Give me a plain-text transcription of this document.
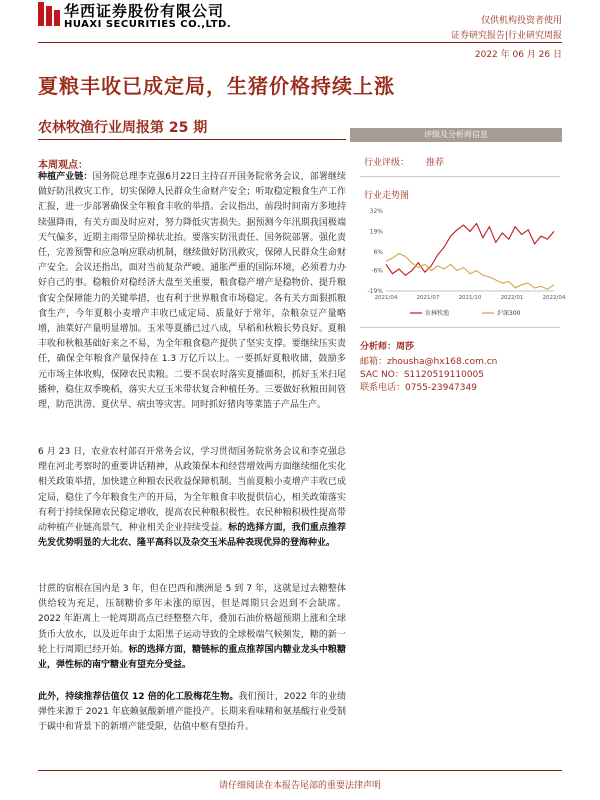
华西证券股份有限公司
HUAXI SECURITIES CO.,LTD.	仅供机构投资者使用
证券研究报告|行业研究周报
2022 年 06 月 26 日
夏粮丰收已成定局，生猪价格持续上涨
农林牧渔行业周报第 25 期
本周观点：
种植产业链：国务院总理李克强6月22日主持召开国务院常务会议，部署继续做好防汛救灾工作，切实保障人民群众生命财产安全；听取稳定粮食生产工作汇报，进一步部署确保全年粮食丰收的举措。会议指出，前段时间南方多地持续强降雨，有关方面及时应对，努力降低灾害损失。据预测今年汛期我国极端天气偏多，近期主雨带呈阶梯状北抬。要落实防汛责任、国务院部署。强化责任，完善预警和应急响应联动机制，继续做好防汛救灾，保障人民群众生命财产安全。会议还指出，面对当前复杂严峻、通胀严重的国际环境，必须着力办好自己的事。稳粮价对稳经济大盘至关重要，粮食稳产增产是稳物价、提升粮食安全保障能力的关键举措，也有利于世界粮食市场稳定。各有关方面狠抓粮食生产，今年夏粮小麦增产丰收已成定局、质量好于常年，杂粮杂豆产量略增，油菜好产量明显增加。玉米等夏播已过八成，早稻和秋粮长势良好。夏粮丰收和秋粮基础好来之不易，为全年粮食稳产提供了坚实支撑。要继续压实责任，确保全年粮食产量保持在 1.3 万亿斤以上。一要抓好夏粮收储，鼓励多元市场主体收购，保障农民卖粮。二要不误农时落实夏播面积，抓好玉米扫尾播种，稳住双季晚稻，落实大豆玉米带状复合种植任务。三要做好秋粮田间管理，防范洪涝、夏伏旱、病虫等灾害。同时抓好猪肉等菜篮子产品生产。
6 月 23 日，农业农村部召开常务会议，学习贯彻国务院常务会议和李克强总理在河北考察时的重要讲话精神，从政策保本和经营增效两方面继续细化实化相关政策举措，加快建立种粮农民收益保障机制。当前夏粮小麦增产丰收已成定局，稳住了今年粮食生产的开局，为全年粮食丰收提供信心，相关政策落实有利于持续保障农民稳定增收，提高农民种粮积极性。农民种粮积极性提高带动种植产业链高景气，种业相关企业持续受益。标的选择方面，我们重点推荐先发优势明显的大北农、隆平高科以及杂交玉米品种表现优异的登海种业。
甘蔗的宿根在国内是 3 年，但在巴西和澳洲是 5 到 7 年，这就是过去糖整体供给较为充足，压制糖价多年未涨的原因，但是周期只会迟到不会缺席。2022 年距离上一轮周期高点已经整整六年，叠加石油价格超预期上涨和全球货币大放水，以及近年由于太阳黑子运动导致的全球极端气候频发，糖的新一轮上行周期已经开始。标的选择方面，糖链标的重点推荐国内糖业龙头中粮糖业，弹性标的南宁糖业有望充分受益。
此外，持续推荐估值仅 12 倍的化工股梅花生物。我们预计，2022 年的业绩弹性来源于 2021 年底赖氨酸新增产能投产。长期来看味精和氨基酸行业受制于碳中和背景下的新增产能受限，估值中枢有望抬升。
评级及分析师信息
行业评级： 推荐
行业走势图
32%
19%
6%
-6%
-19%
2021/04	2021/07	2021/10	2022/01	2022/04
农林牧渔	沪深300
分析师：周莎
邮箱：zhousha@hx168.com.cn
SAC NO：S1120519110005
联系电话：0755-23947349
请仔细阅读在本报告尾部的重要法律声明
